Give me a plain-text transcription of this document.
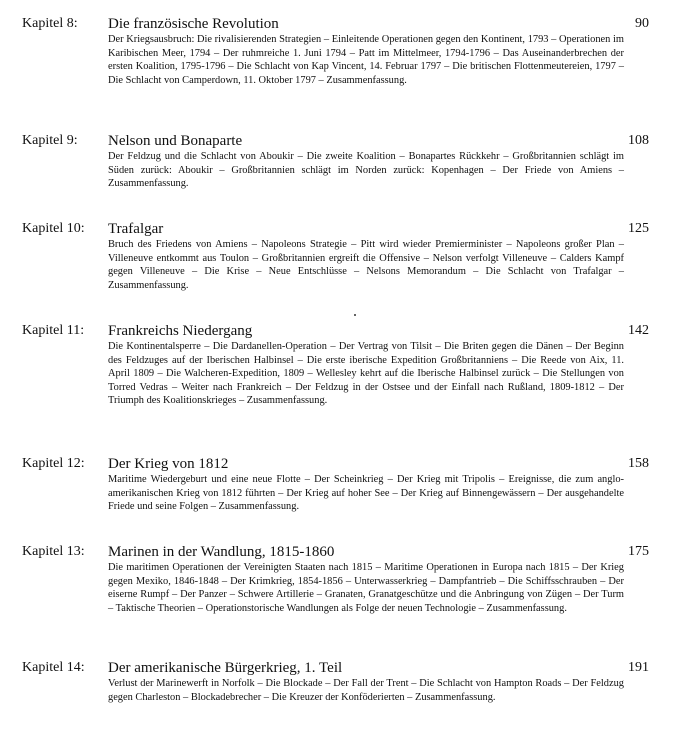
Kapitel 8:	Die französische Revolution	90

Der Kriegsausbruch: Die rivalisierenden Strategien – Einleitende Operationen gegen den Kontinent, 1793 – Operationen im Karibischen Meer, 1794 – Der ruhmreiche 1. Juni 1794 – Patt im Mittelmeer, 1794-1796 – Das Auseinanderbrechen der ersten Koalition, 1795-1796 – Die Schlacht von Kap Vincent, 14. Februar 1797 – Die britischen Flottenmeutereien, 1797 – Die Schlacht von Camperdown, 11. Oktober 1797 – Zusammenfassung.

Kapitel 9:	Nelson und Bonaparte	108

Der Feldzug und die Schlacht von Aboukir – Die zweite Koalition – Bonapartes Rückkehr – Großbritannien schlägt im Süden zurück: Aboukir – Großbritannien schlägt im Norden zurück: Kopenhagen – Der Friede von Amiens – Zusammenfassung.

Kapitel 10:	Trafalgar	125

Bruch des Friedens von Amiens – Napoleons Strategie – Pitt wird wieder Premierminister – Napoleons großer Plan – Villeneuve entkommt aus Toulon – Großbritannien ergreift die Offensive – Nelson verfolgt Villeneuve – Calders Kampf gegen Villeneuve – Die Krise – Neue Entschlüsse – Nelsons Memorandum – Die Schlacht von Trafalgar – Zusammenfassung.

Kapitel 11:	Frankreichs Niedergang	142

Die Kontinentalsperre – Die Dardanellen-Operation – Der Vertrag von Tilsit – Die Briten gegen die Dänen – Der Beginn des Feldzuges auf der Iberischen Halbinsel – Die erste iberische Expedition Großbritanniens – Die Reede von Aix, 11. April 1809 – Die Walcheren-Expedition, 1809 – Wellesley kehrt auf die Iberische Halbinsel zurück – Die Stellungen von Torred Vedras – Weiter nach Frankreich – Der Feldzug in der Ostsee und der Einfall nach Rußland, 1809-1812 – Der Triumph des Koalitionskrieges – Zusammenfassung.

Kapitel 12:	Der Krieg von 1812	158

Maritime Wiedergeburt und eine neue Flotte – Der Scheinkrieg – Der Krieg mit Tripolis – Ereignisse, die zum anglo-amerikanischen Krieg von 1812 führten – Der Krieg auf hoher See – Der Krieg auf Binnengewässern – Der ausgehandelte Friede und seine Folgen – Zusammenfassung.

Kapitel 13:	Marinen in der Wandlung, 1815-1860	175

Die maritimen Operationen der Vereinigten Staaten nach 1815 – Maritime Operationen in Europa nach 1815 – Der Krieg gegen Mexiko, 1846-1848 – Der Krimkrieg, 1854-1856 – Unterwasserkrieg – Dampfantrieb – Die Schiffsschrauben – Der eiserne Rumpf – Der Panzer – Schwere Artillerie – Granaten, Granatgeschütze und die Anbringung von Zügen – Der Turm – Taktische Theorien – Operationstorische Wandlungen als Folge der neuen Technologie – Zusammenfassung.

Kapitel 14:	Der amerikanische Bürgerkrieg, 1. Teil	191

Verlust der Marinewerft in Norfolk – Die Blockade – Der Fall der Trent – Die Schlacht von Hampton Roads – Der Feldzug gegen Charleston – Blockadebrecher – Die Kreuzer der Konföderierten – Zusammenfassung.
